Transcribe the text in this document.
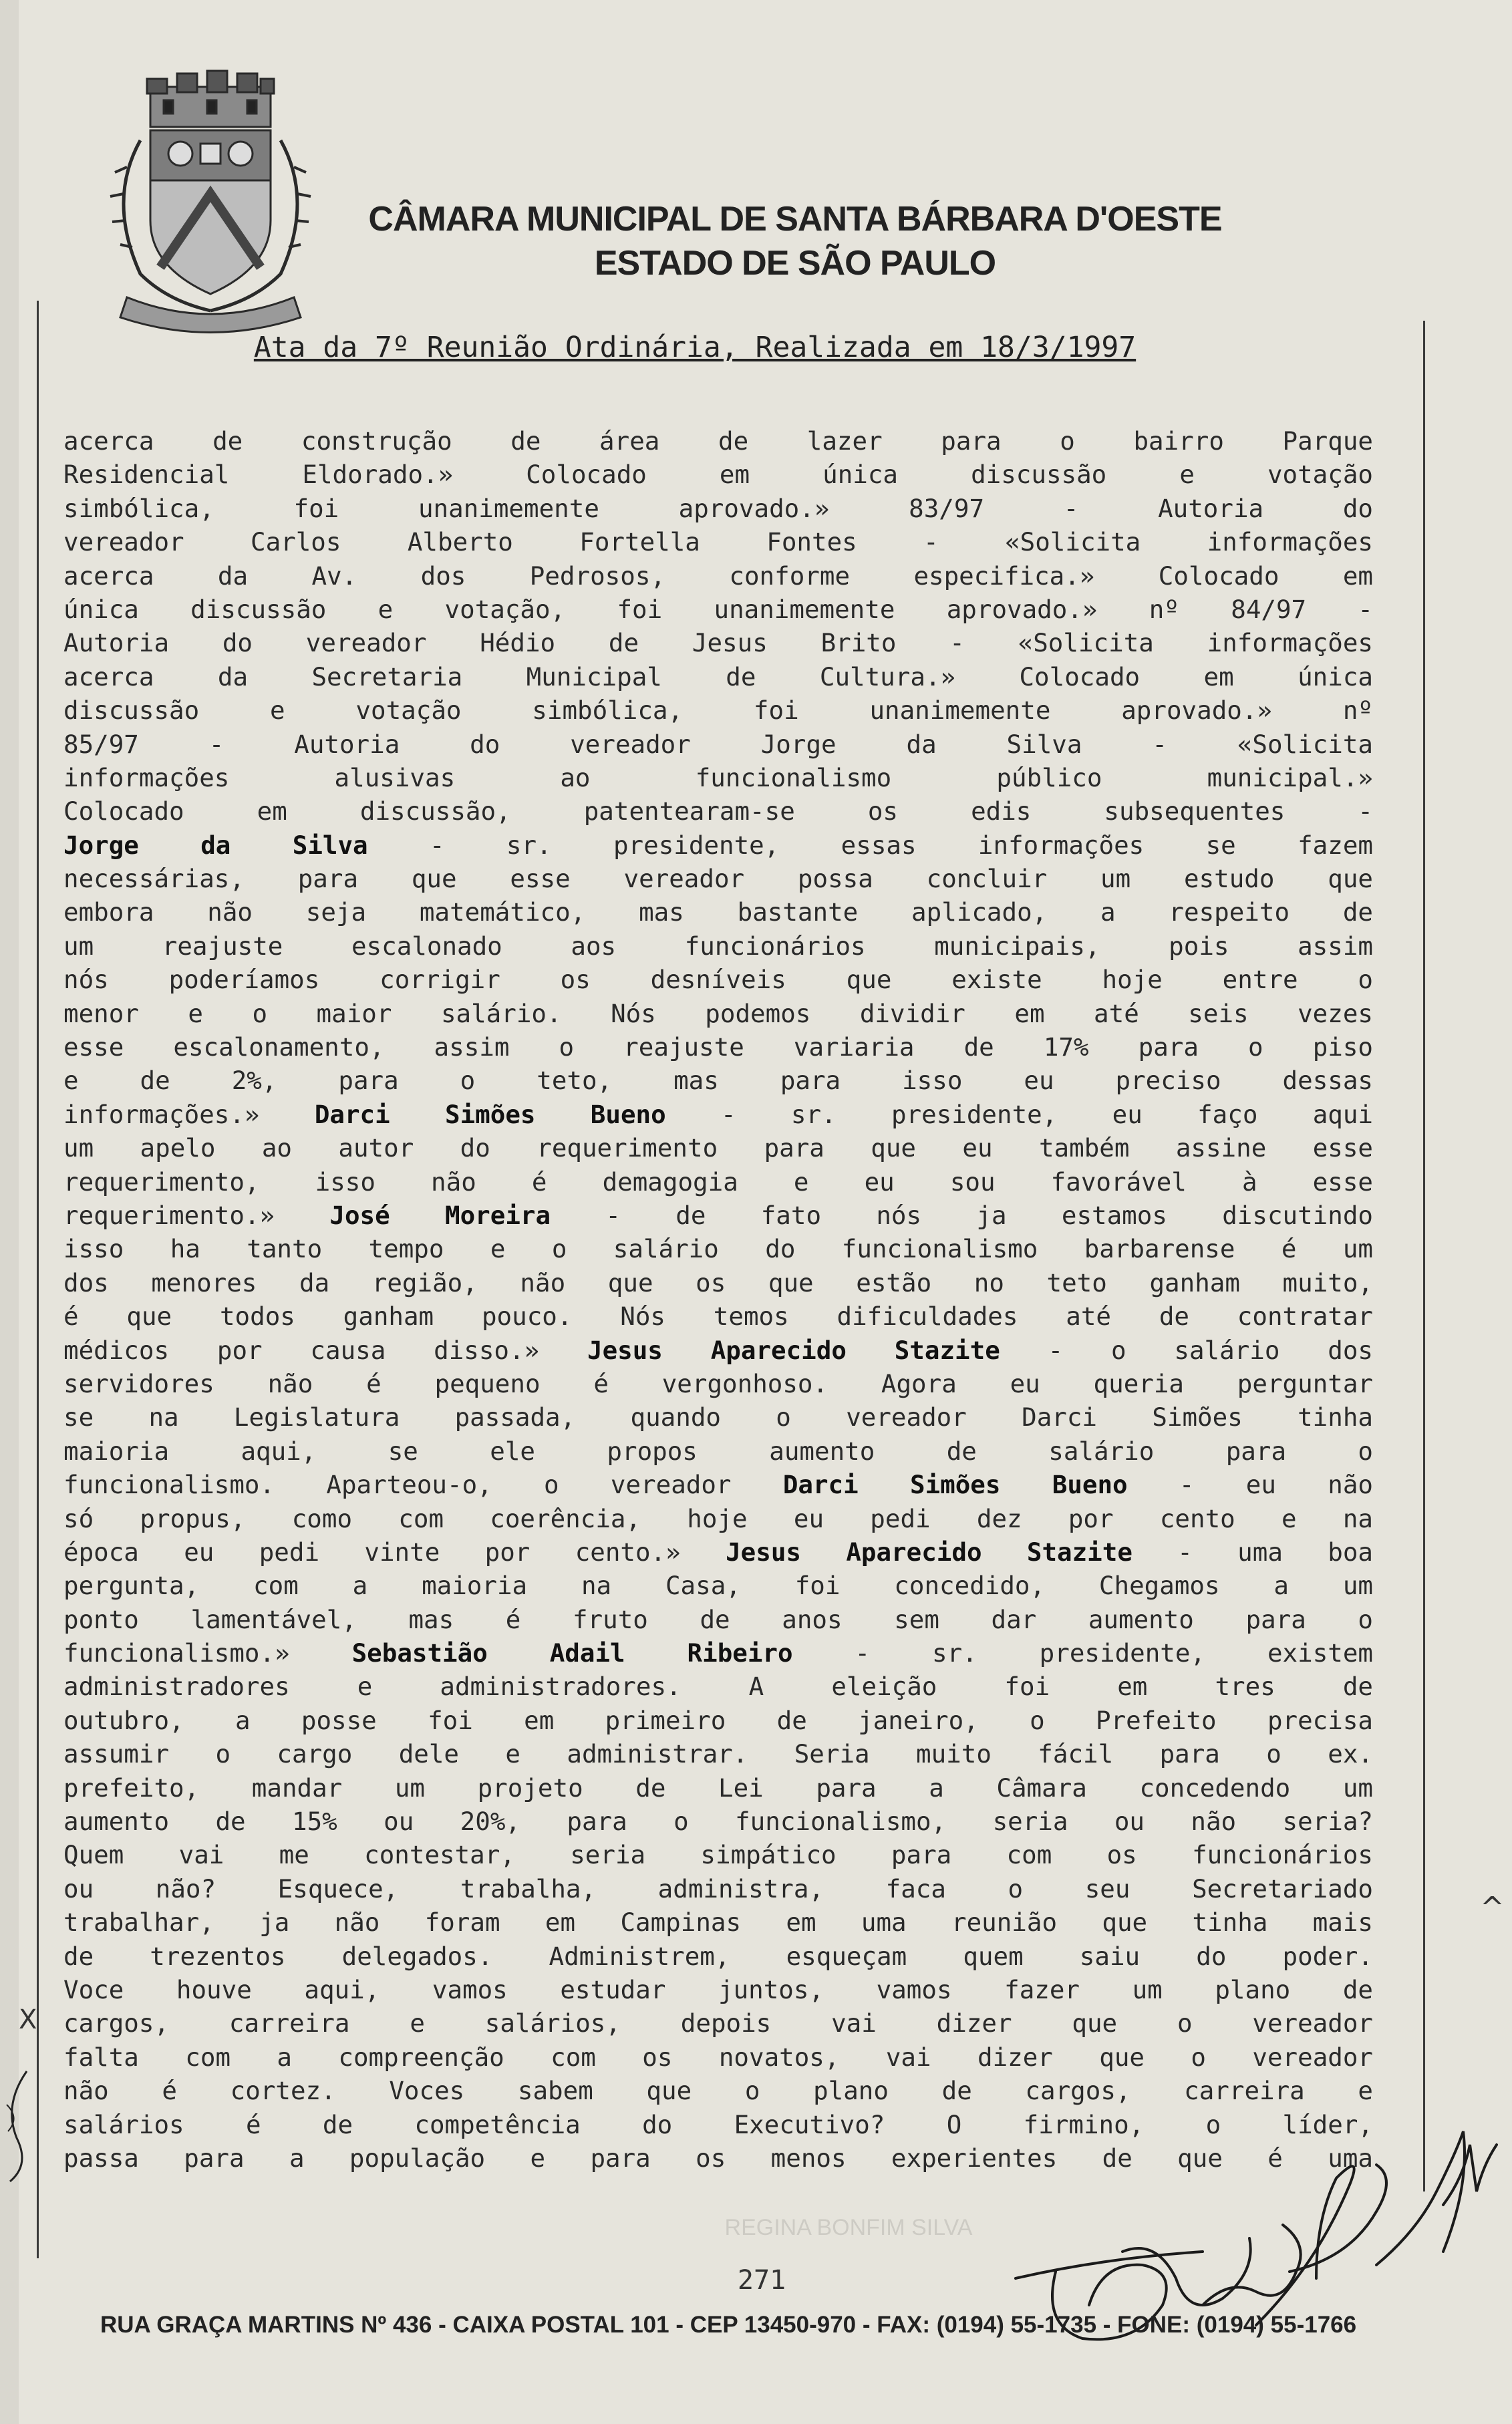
CÂMARA MUNICIPAL DE SANTA BÁRBARA D'OESTE
ESTADO DE SÃO PAULO
Ata da 7º Reunião Ordinária, Realizada em 18/3/1997
acerca de construção de área de lazer para o bairro Parque
Residencial Eldorado.» Colocado em única discussão e votação
simbólica, foi unanimemente aprovado.» 83/97 - Autoria do
vereador Carlos Alberto Fortella Fontes - «Solicita informações
acerca da Av. dos Pedrosos, conforme especifica.» Colocado em
única discussão e votação, foi unanimemente aprovado.» nº 84/97 -
Autoria do vereador Hédio de Jesus Brito - «Solicita informações
acerca da Secretaria Municipal de Cultura.» Colocado em única
discussão e votação simbólica, foi unanimemente aprovado.» nº
85/97 - Autoria do vereador Jorge da Silva - «Solicita
informações alusivas ao funcionalismo público municipal.»
Colocado em discussão, patentearam-se os edis subsequentes -
Jorge da Silva - sr. presidente, essas informações se fazem
necessárias, para que esse vereador possa concluir um estudo que
embora não seja matemático, mas bastante aplicado, a respeito de
um reajuste escalonado aos funcionários municipais, pois assim
nós poderíamos corrigir os desníveis que existe hoje entre o
menor e o maior salário. Nós podemos dividir em até seis vezes
esse escalonamento, assim o reajuste variaria de 17% para o piso
e de 2%, para o teto, mas para isso eu preciso dessas
informações.» Darci Simões Bueno - sr. presidente, eu faço aqui
um apelo ao autor do requerimento para que eu também assine esse
requerimento, isso não é demagogia e eu sou favorável à esse
requerimento.» José Moreira - de fato nós ja estamos discutindo
isso ha tanto tempo e o salário do funcionalismo barbarense é um
dos menores da região, não que os que estão no teto ganham muito,
é que todos ganham pouco. Nós temos dificuldades até de contratar
médicos por causa disso.» Jesus Aparecido Stazite - o salário dos
servidores não é pequeno é vergonhoso. Agora eu queria perguntar
se na Legislatura passada, quando o vereador Darci Simões tinha
maioria aqui, se ele propos aumento de salário para o
funcionalismo. Aparteou-o, o vereador Darci Simões Bueno - eu não
só propus, como com coerência, hoje eu pedi dez por cento e na
época eu pedi vinte por cento.» Jesus Aparecido Stazite - uma boa
pergunta, com a maioria na Casa, foi concedido, Chegamos a um
ponto lamentável, mas é fruto de anos sem dar aumento para o
funcionalismo.» Sebastião Adail Ribeiro - sr. presidente, existem
administradores e administradores. A eleição foi em tres de
outubro, a posse foi em primeiro de janeiro, o Prefeito precisa
assumir o cargo dele e administrar. Seria muito fácil para o ex.
prefeito, mandar um projeto de Lei para a Câmara concedendo um
aumento de 15% ou 20%, para o funcionalismo, seria ou não seria?
Quem vai me contestar, seria simpático para com os funcionários
ou não? Esquece, trabalha, administra, faca o seu Secretariado
trabalhar, ja não foram em Campinas em uma reunião que tinha mais
de trezentos delegados. Administrem, esqueçam quem saiu do poder.
Voce houve aqui, vamos estudar juntos, vamos fazer um plano de
cargos, carreira e salários, depois vai dizer que o vereador
falta com a compreenção com os novatos, vai dizer que o vereador
não é cortez. Voces sabem que o plano de cargos, carreira e
salários é de competência do Executivo? O firmino, o líder,
passa para a população e para os menos experientes de que é uma
REGINA BONFIM SILVA
271
RUA GRAÇA MARTINS Nº 436 - CAIXA POSTAL 101 - CEP 13450-970 - FAX: (0194) 55-1735 - FONE: (0194) 55-1766
X
^
